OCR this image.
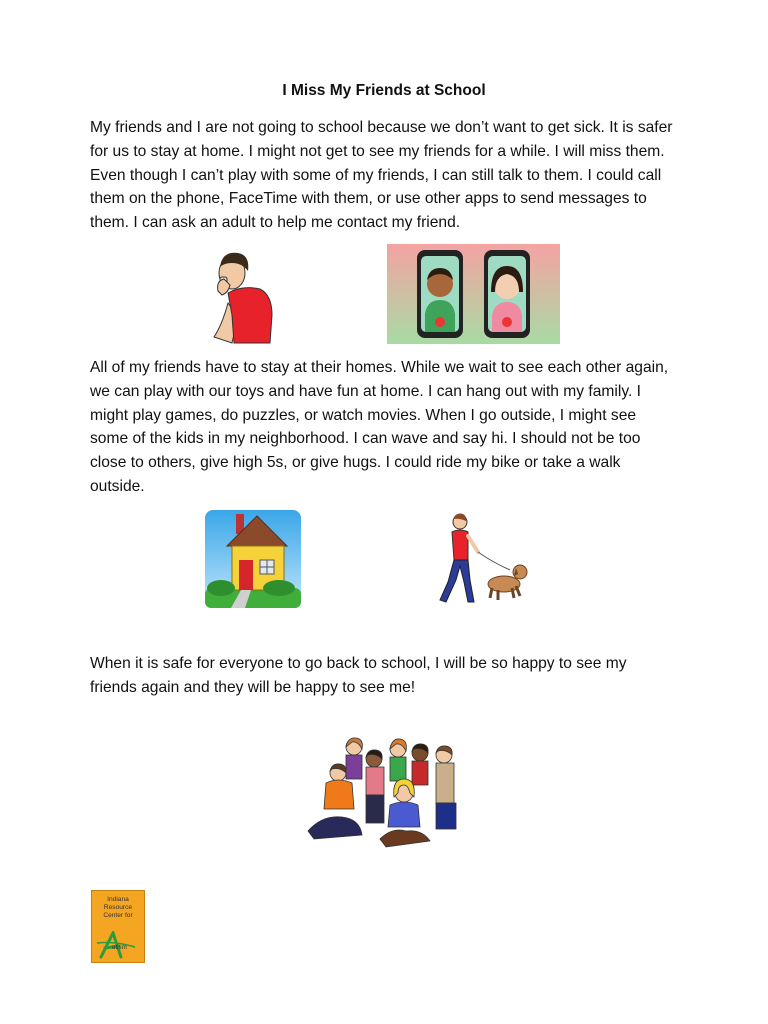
I Miss My Friends at School
My friends and I are not going to school because we don’t want to get sick. It is safer for us to stay at home. I might not get to see my friends for a while. I will miss them. Even though I can’t play with some of my friends, I can still talk to them. I could call them on the phone, FaceTime with them, or use other apps to send messages to them. I can ask an adult to help me contact my friend.
All of my friends have to stay at their homes. While we wait to see each other again, we can play with our toys and have fun at home. I can hang out with my family. I might play games, do puzzles, or watch movies. When I go outside, I might see some of the kids in my neighborhood. I can wave and say hi. I should not be too close to others, give high 5s, or give hugs. I could ride my bike or take a walk outside.
When it is safe for everyone to go back to school, I will be so happy to see my friends again and they will be happy to see me!
Indiana
Resource
Center for
utism
